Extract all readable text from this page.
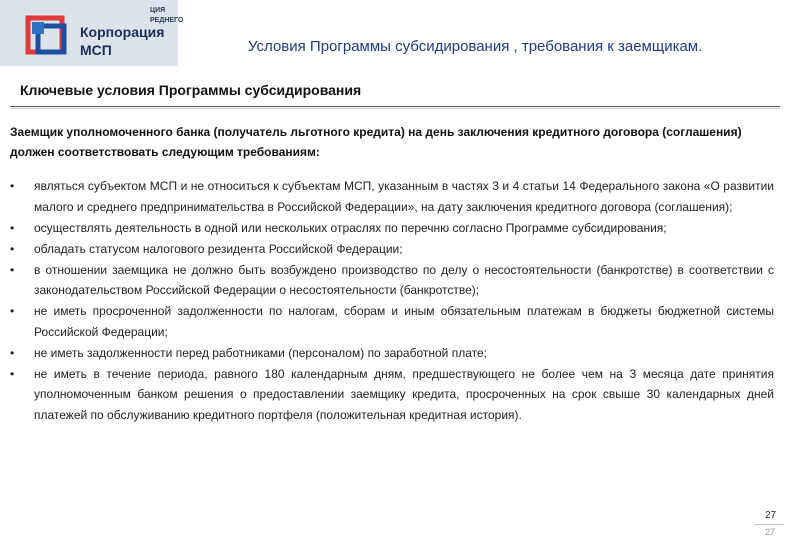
Корпорация
МСП
ЦИЯ
РЕДНЕГО
Условия Программы субсидирования , требования к заемщикам.
Ключевые условия Программы субсидирования
Заемщик уполномоченного банка (получатель льготного кредита) на день заключения кредитного договора (соглашения) должен соответствовать следующим требованиям:
• являться субъектом МСП и не относиться к субъектам МСП, указанным в частях 3 и 4 статьи 14 Федерального закона «О развитии малого и среднего предпринимательства в Российской Федерации», на дату заключения кредитного договора (соглашения);
• осуществлять деятельность в одной или нескольких отраслях по перечню согласно Программе субсидирования;
• обладать статусом налогового резидента Российской Федерации;
• в отношении заемщика не должно быть возбуждено производство по делу о несостоятельности (банкротстве) в соответствии с законодательством Российской Федерации о несостоятельности (банкротстве);
• не иметь просроченной задолженности по налогам, сборам и иным обязательным платежам в бюджеты бюджетной системы Российской Федерации;
• не иметь задолженности перед работниками (персоналом) по заработной плате;
• не иметь в течение периода, равного 180 календарным дням, предшествующего не более чем на 3 месяца дате принятия уполномоченным банком решения о предоставлении заемщику кредита, просроченных на срок свыше 30 календарных дней платежей по обслуживанию кредитного портфеля (положительная кредитная история).
27
27
